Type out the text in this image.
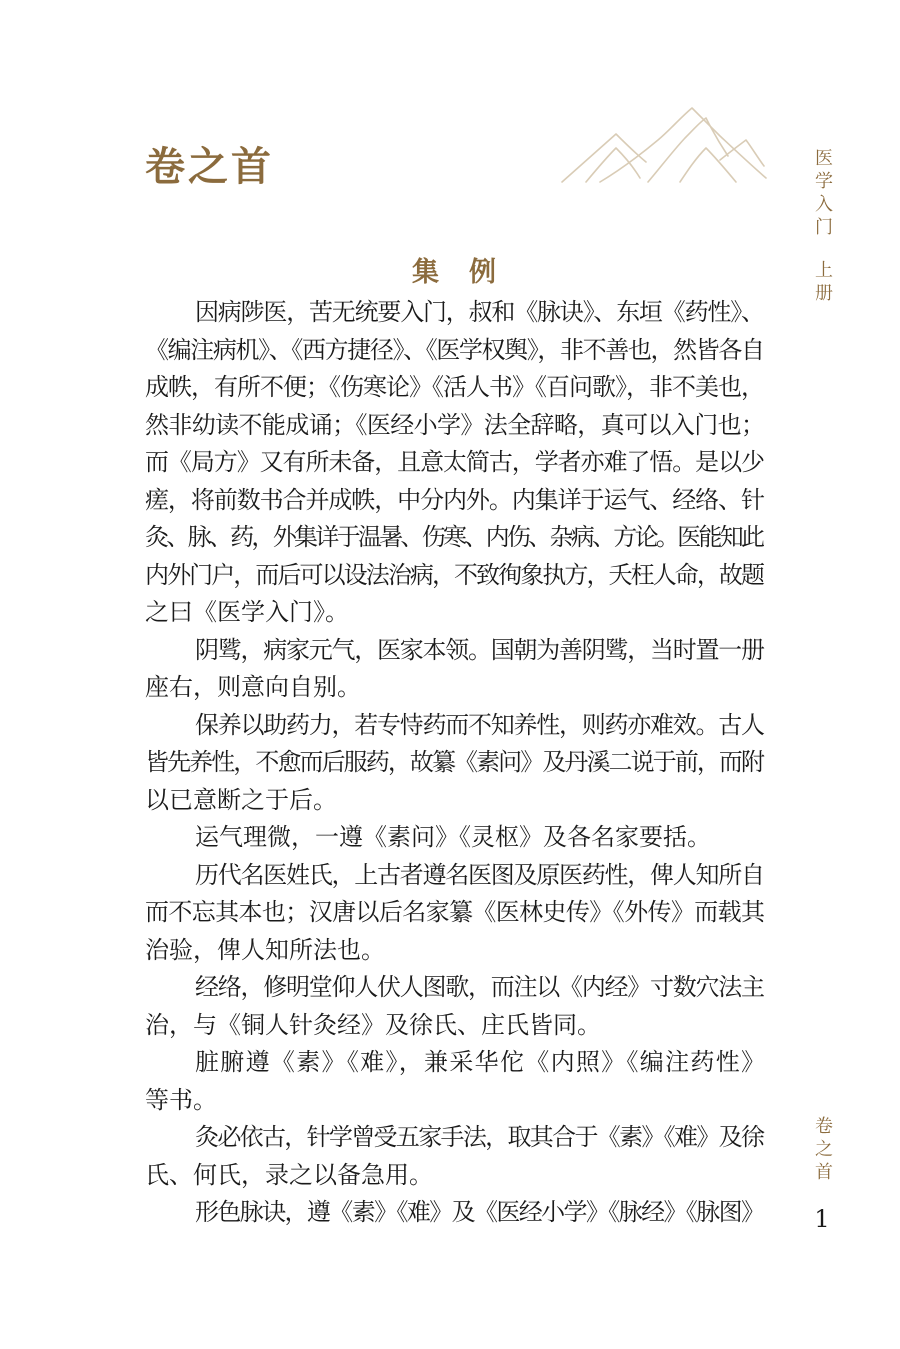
卷之首	医学入门
上册
集例
因病陟医，苦无统要入门，叔和《脉诀》、东垣《药性》、
《编注病机》、《西方捷径》、《医学权舆》，非不善也，然皆各自
成帙，有所不便；《伤寒论》《活人书》《百问歌》，非不美也，
然非幼读不能成诵；《医经小学》法全辞略，真可以入门也；
而《局方》又有所未备，且意太简古，学者亦难了悟。是以少
瘥，将前数书合并成帙，中分内外。内集详于运气、经络、针
灸、脉、药，外集详于温暑、伤寒、内伤、杂病、方论。医能知此
内外门户，而后可以设法治病，不致徇象执方，夭枉人命，故题
之曰《医学入门》。
阴骘，病家元气，医家本领。国朝为善阴骘，当时置一册
座右，则意向自别。
保养以助药力，若专恃药而不知养性，则药亦难效。古人
皆先养性，不愈而后服药，故纂《素问》及丹溪二说于前，而附
以已意断之于后。
运气理微，一遵《素问》《灵枢》及各名家要括。
历代名医姓氏，上古者遵名医图及原医药性，俾人知所自
而不忘其本也；汉唐以后名家纂《医林史传》《外传》而载其
治验，俾人知所法也。
经络，修明堂仰人伏人图歌，而注以《内经》寸数穴法主
治，与《铜人针灸经》及徐氏、庄氏皆同。
脏腑遵《素》《难》，兼采华佗《内照》《编注药性》
等书。
灸必依古，针学曾受五家手法，取其合于《素》《难》及徐
氏、何氏，录之以备急用。
形色脉诀，遵《素》《难》及《医经小学》《脉经》《脉图》
卷之首
1
